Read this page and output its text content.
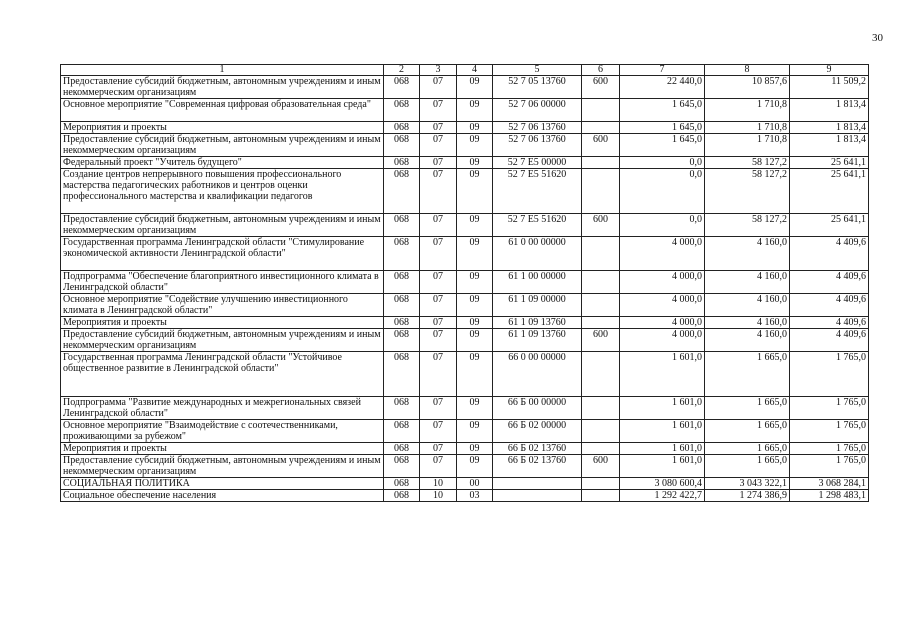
30
1	2	3	4	5	6	7	8	9
Предоставление субсидий бюджетным, автономным учреждениям и иным некоммерческим организациям	068	07	09	52 7 05 13760	600	22 440,0	10 857,6	11 509,2
Основное мероприятие "Современная цифровая образовательная среда"	068	07	09	52 7 06 00000		1 645,0	1 710,8	1 813,4
Мероприятия и проекты	068	07	09	52 7 06 13760		1 645,0	1 710,8	1 813,4
Предоставление субсидий бюджетным, автономным учреждениям и иным некоммерческим организациям	068	07	09	52 7 06 13760	600	1 645,0	1 710,8	1 813,4
Федеральный проект "Учитель будущего"	068	07	09	52 7 Е5 00000		0,0	58 127,2	25 641,1
Создание центров непрерывного повышения профессионального мастерства педагогических работников и центров оценки профессионального мастерства и квалификации педагогов	068	07	09	52 7 Е5 51620		0,0	58 127,2	25 641,1
Предоставление субсидий бюджетным, автономным учреждениям и иным некоммерческим организациям	068	07	09	52 7 Е5 51620	600	0,0	58 127,2	25 641,1
Государственная программа Ленинградской области "Стимулирование экономической активности Ленинградской области"	068	07	09	61 0 00 00000		4 000,0	4 160,0	4 409,6
Подпрограмма "Обеспечение благоприятного инвестиционного климата в Ленинградской области"	068	07	09	61 1 00 00000		4 000,0	4 160,0	4 409,6
Основное мероприятие "Содействие улучшению инвестиционного климата в Ленинградской области"	068	07	09	61 1 09 00000		4 000,0	4 160,0	4 409,6
Мероприятия и проекты	068	07	09	61 1 09 13760		4 000,0	4 160,0	4 409,6
Предоставление субсидий бюджетным, автономным учреждениям и иным некоммерческим организациям	068	07	09	61 1 09 13760	600	4 000,0	4 160,0	4 409,6
Государственная программа Ленинградской области "Устойчивое общественное развитие в Ленинградской области"	068	07	09	66 0 00 00000		1 601,0	1 665,0	1 765,0
Подпрограмма "Развитие международных и межрегиональных связей Ленинградской области"	068	07	09	66 Б 00 00000		1 601,0	1 665,0	1 765,0
Основное мероприятие "Взаимодействие с соотечественниками, проживающими за рубежом"	068	07	09	66 Б 02 00000		1 601,0	1 665,0	1 765,0
Мероприятия и проекты	068	07	09	66 Б 02 13760		1 601,0	1 665,0	1 765,0
Предоставление субсидий бюджетным, автономным учреждениям и иным некоммерческим организациям	068	07	09	66 Б 02 13760	600	1 601,0	1 665,0	1 765,0
СОЦИАЛЬНАЯ ПОЛИТИКА	068	10	00			3 080 600,4	3 043 322,1	3 068 284,1
Социальное обеспечение населения	068	10	03			1 292 422,7	1 274 386,9	1 298 483,1
